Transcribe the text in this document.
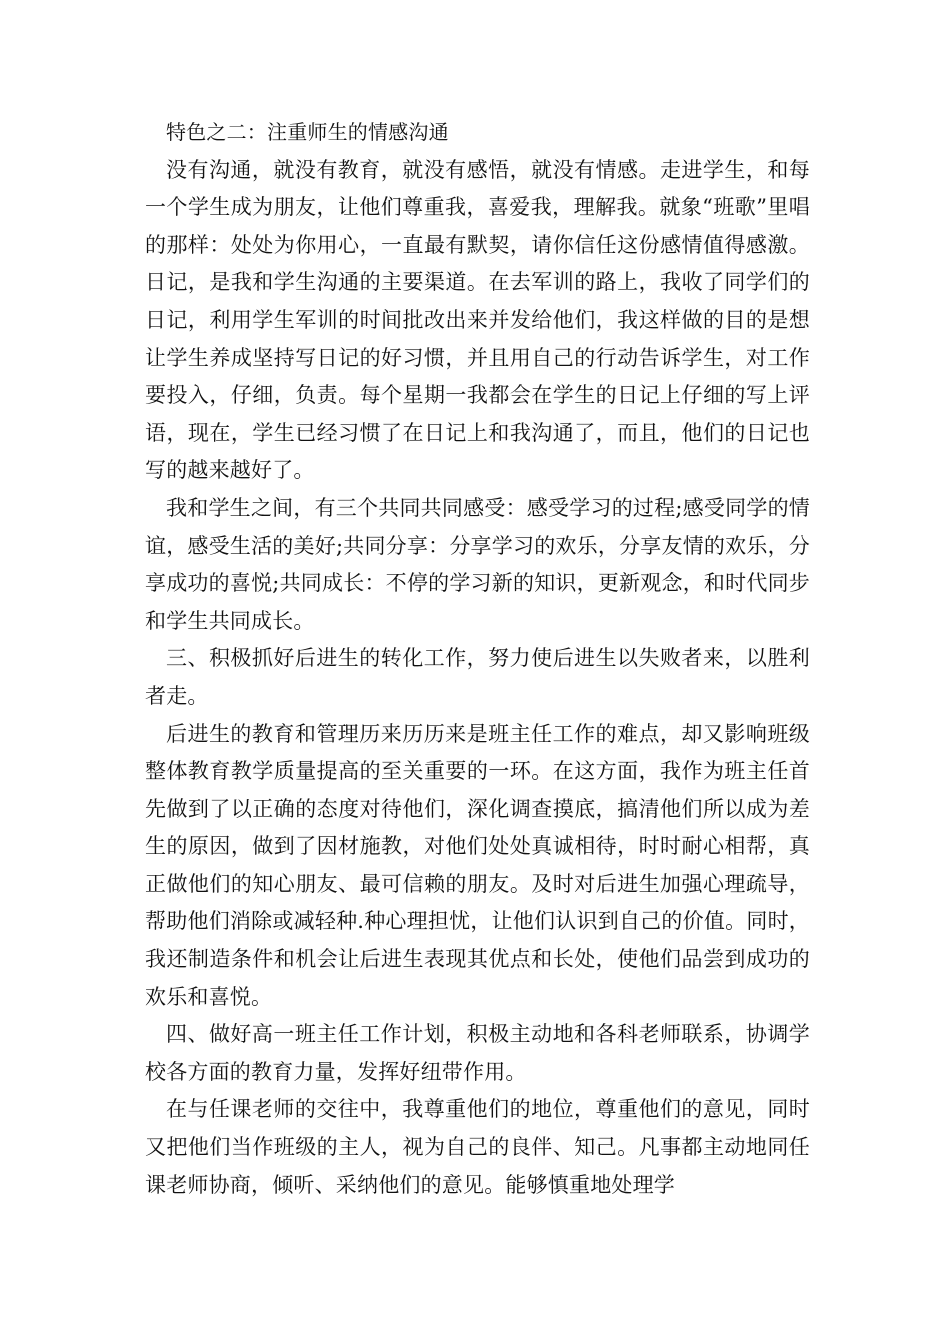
特色之二：注重师生的情感沟通

没有沟通，就没有教育，就没有感悟，就没有情感。走进学生，和每一个学生成为朋友，让他们尊重我，喜爱我，理解我。就象“班歌”里唱的那样：处处为你用心，一直最有默契，请你信任这份感情值得感激。日记，是我和学生沟通的主要渠道。在去军训的路上，我收了同学们的日记，利用学生军训的时间批改出来并发给他们，我这样做的目的是想让学生养成坚持写日记的好习惯，并且用自己的行动告诉学生，对工作要投入，仔细，负责。每个星期一我都会在学生的日记上仔细的写上评语，现在，学生已经习惯了在日记上和我沟通了，而且，他们的日记也写的越来越好了。

我和学生之间，有三个共同共同感受：感受学习的过程;感受同学的情谊，感受生活的美好;共同分享：分享学习的欢乐，分享友情的欢乐，分享成功的喜悦;共同成长：不停的学习新的知识，更新观念，和时代同步和学生共同成长。

三、积极抓好后进生的转化工作，努力使后进生以失败者来，以胜利者走。

后进生的教育和管理历来历历来是班主任工作的难点，却又影响班级整体教育教学质量提高的至关重要的一环。在这方面，我作为班主任首先做到了以正确的态度对待他们，深化调查摸底，搞清他们所以成为差生的原因，做到了因材施教，对他们处处真诚相待，时时耐心相帮，真正做他们的知心朋友、最可信赖的朋友。及时对后进生加强心理疏导，帮助他们消除或减轻种.种心理担忧，让他们认识到自己的价值。同时，我还制造条件和机会让后进生表现其优点和长处，使他们品尝到成功的欢乐和喜悦。

四、做好高一班主任工作计划，积极主动地和各科老师联系，协调学校各方面的教育力量，发挥好纽带作用。

在与任课老师的交往中，我尊重他们的地位，尊重他们的意见，同时又把他们当作班级的主人，视为自己的良伴、知己。凡事都主动地同任课老师协商，倾听、采纳他们的意见。能够慎重地处理学
